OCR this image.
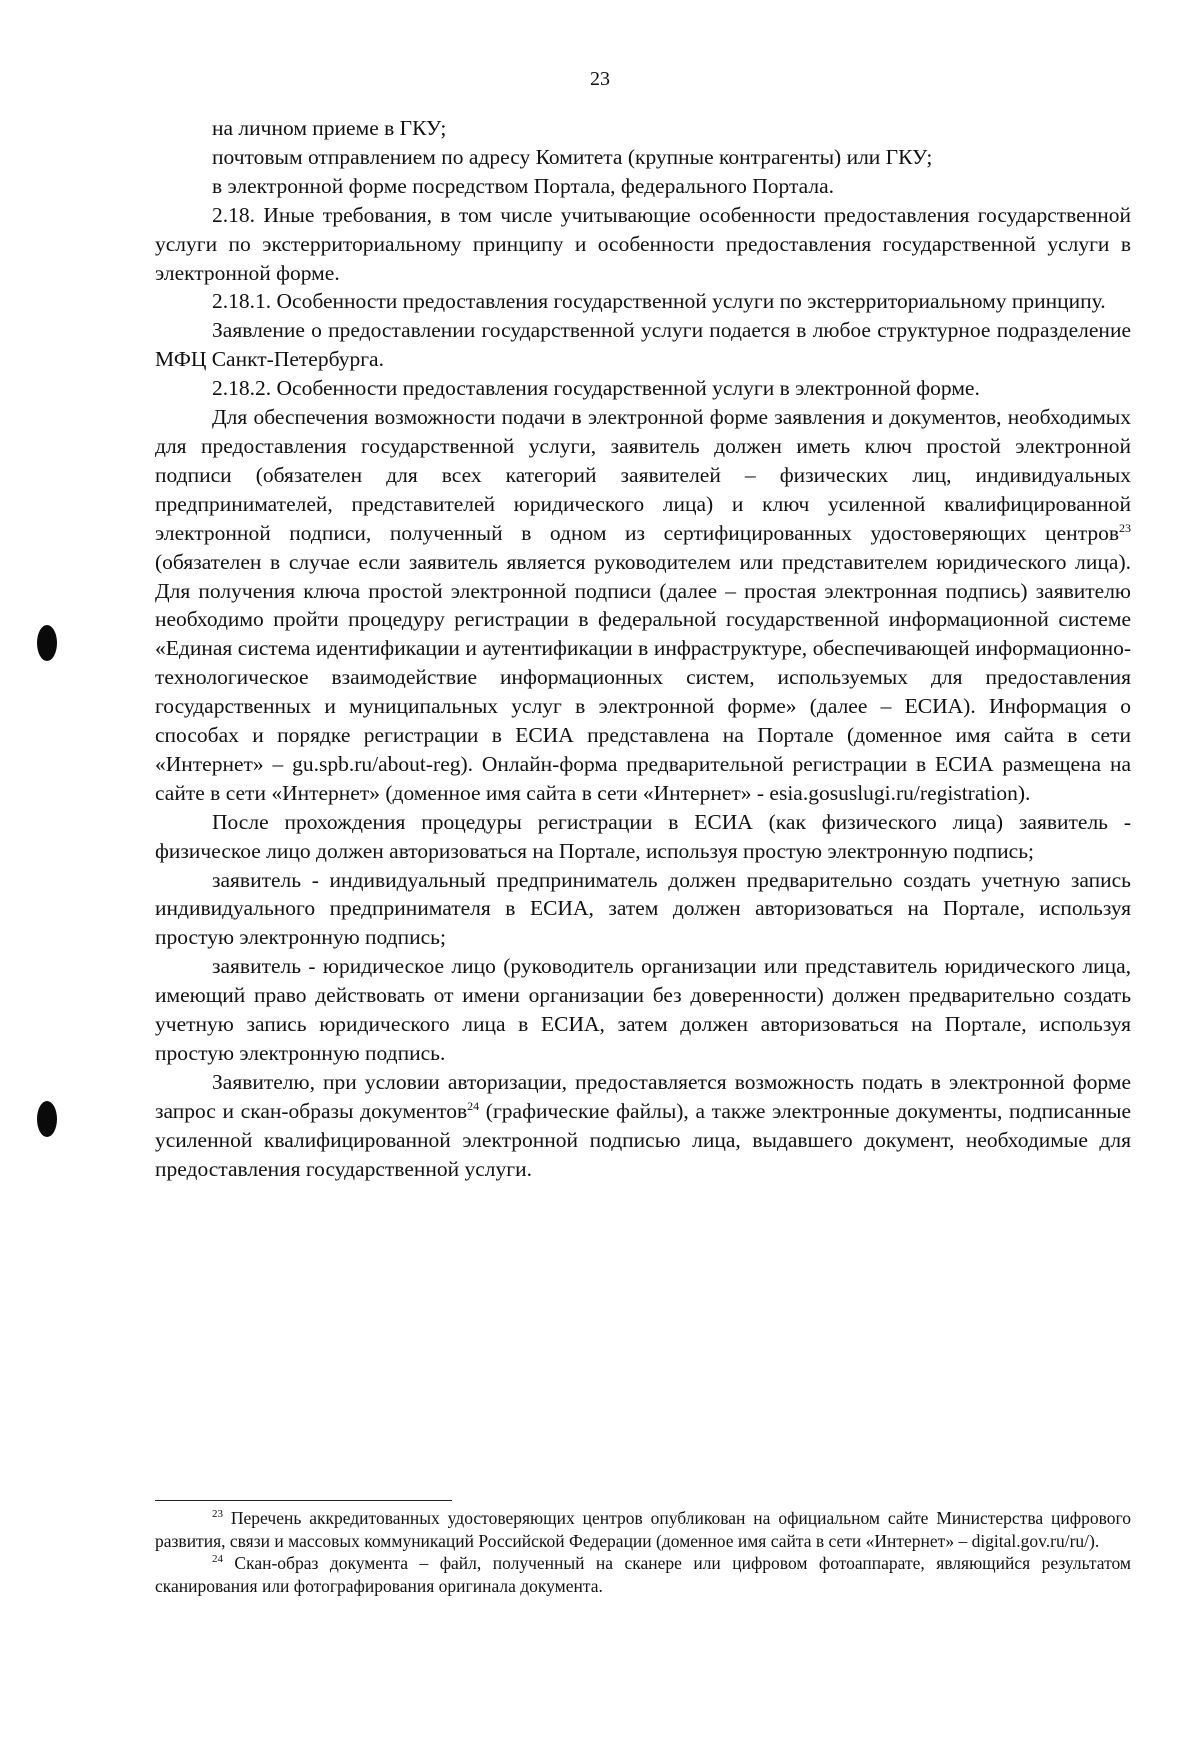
23

на личном приеме в ГКУ;

почтовым отправлением по адресу Комитета (крупные контрагенты) или ГКУ;

в электронной форме посредством Портала, федерального Портала.

2.18. Иные требования, в том числе учитывающие особенности предоставления государственной услуги по экстерриториальному принципу и особенности предоставления государственной услуги в электронной форме.

2.18.1. Особенности предоставления государственной услуги по экстерриториальному принципу.

Заявление о предоставлении государственной услуги подается в любое структурное подразделение МФЦ Санкт-Петербурга.

2.18.2. Особенности предоставления государственной услуги в электронной форме.

Для обеспечения возможности подачи в электронной форме заявления и документов, необходимых для предоставления государственной услуги, заявитель должен иметь ключ простой электронной подписи (обязателен для всех категорий заявителей – физических лиц, индивидуальных предпринимателей, представителей юридического лица) и ключ усиленной квалифицированной электронной подписи, полученный в одном из сертифицированных удостоверяющих центров$^{23}$ (обязателен в случае если заявитель является руководителем или представителем юридического лица). Для получения ключа простой электронной подписи (далее – простая электронная подпись) заявителю необходимо пройти процедуру регистрации в федеральной государственной информационной системе «Единая система идентификации и аутентификации в инфраструктуре, обеспечивающей информационно-технологическое взаимодействие информационных систем, используемых для предоставления государственных и муниципальных услуг в электронной форме» (далее – ЕСИА). Информация о способах и порядке регистрации в ЕСИА представлена на Портале (доменное имя сайта в сети «Интернет» – gu.spb.ru/about-reg). Онлайн-форма предварительной регистрации в ЕСИА размещена на сайте в сети «Интернет» (доменное имя сайта в сети «Интернет» - esia.gosuslugi.ru/registration).

После прохождения процедуры регистрации в ЕСИА (как физического лица) заявитель - физическое лицо должен авторизоваться на Портале, используя простую электронную подпись;

заявитель - индивидуальный предприниматель должен предварительно создать учетную запись индивидуального предпринимателя в ЕСИА, затем должен авторизоваться на Портале, используя простую электронную подпись;

заявитель - юридическое лицо (руководитель организации или представитель юридического лица, имеющий право действовать от имени организации без доверенности) должен предварительно создать учетную запись юридического лица в ЕСИА, затем должен авторизоваться на Портале, используя простую электронную подпись.

Заявителю, при условии авторизации, предоставляется возможность подать в электронной форме запрос и скан-образы документов$^{24}$ (графические файлы), а также электронные документы, подписанные усиленной квалифицированной электронной подписью лица, выдавшего документ, необходимые для предоставления государственной услуги.

$^{23}$ Перечень аккредитованных удостоверяющих центров опубликован на официальном сайте Министерства цифрового развития, связи и массовых коммуникаций Российской Федерации (доменное имя сайта в сети «Интернет» – digital.gov.ru/ru/).

$^{24}$ Скан-образ документа – файл, полученный на сканере или цифровом фотоаппарате, являющийся результатом сканирования или фотографирования оригинала документа.
